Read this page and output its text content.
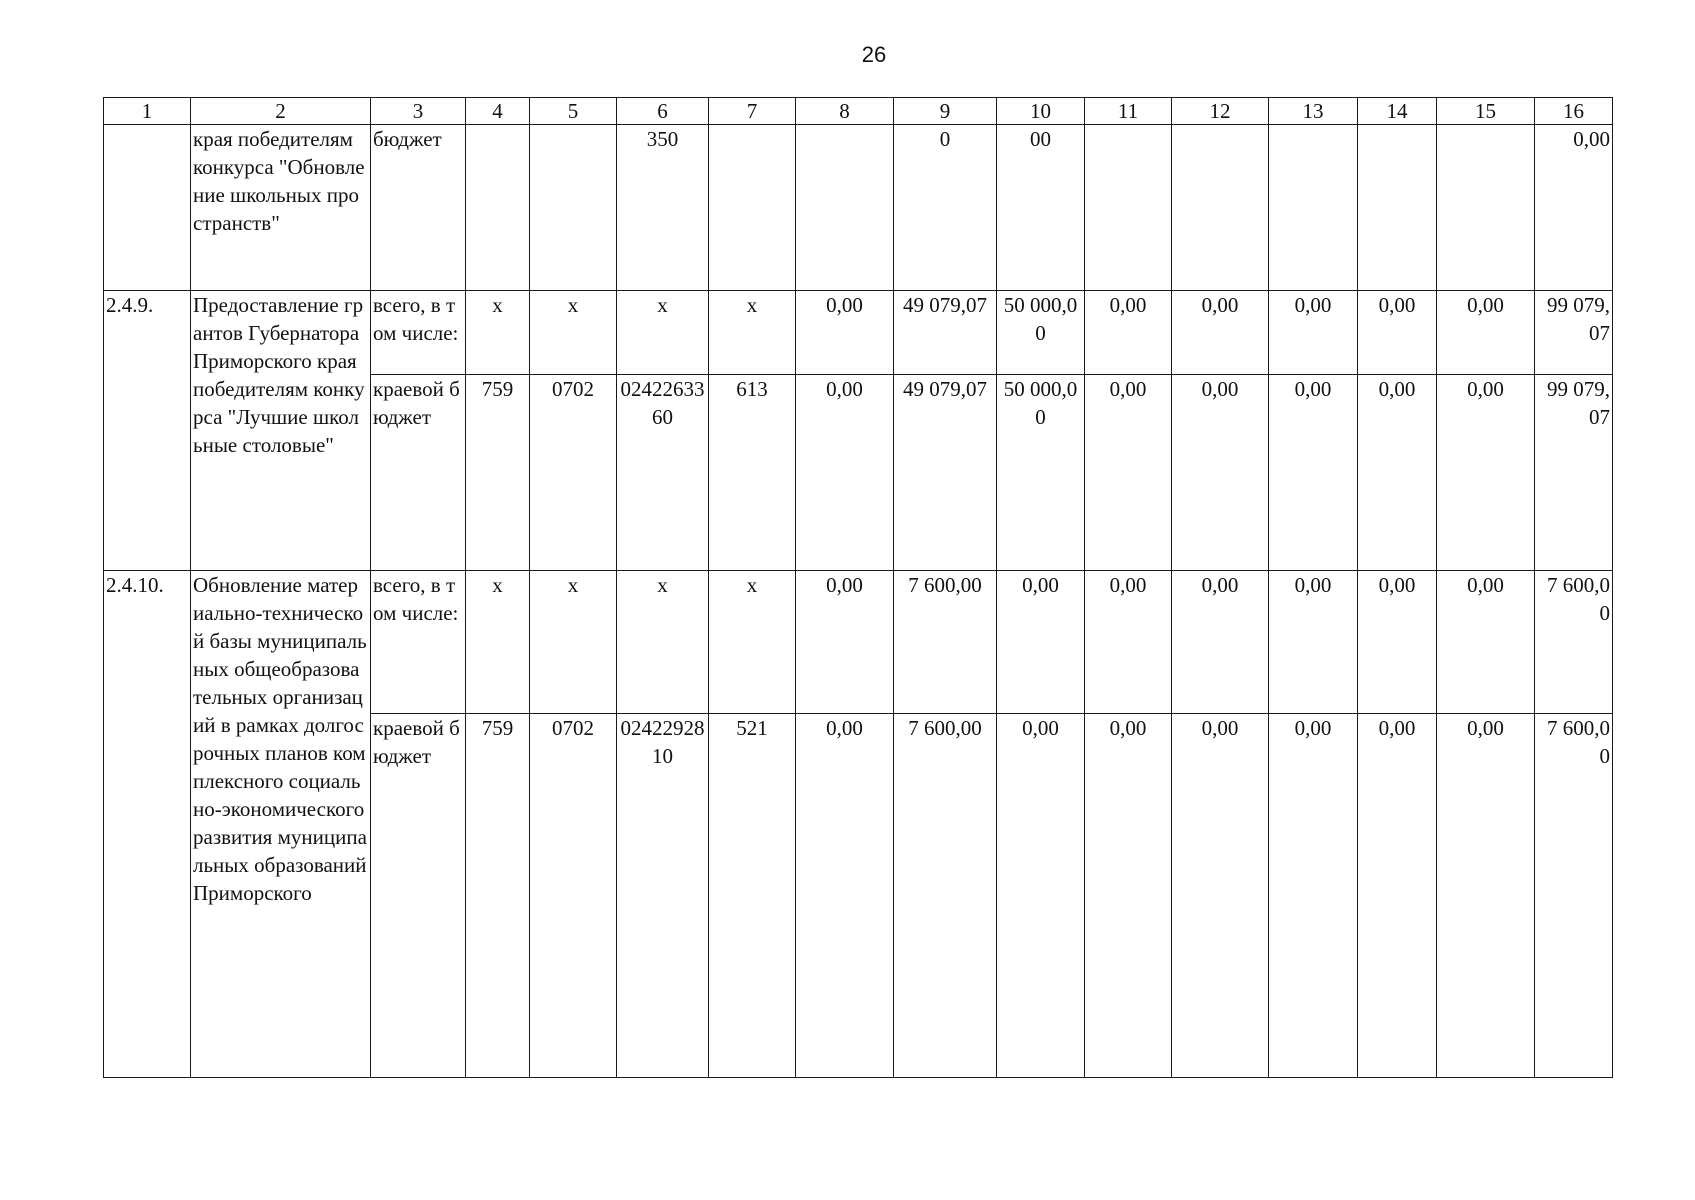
26
1	2	3	4	5	6	7	8	9	10	11	12	13	14	15	16
	края победителям конкурса "Обновление школьных пространств"	бюджет			350			0	00						0,00
2.4.9.	Предоставление грантов Губернатора Приморского края победителям конкурса "Лучшие школьные столовые"	всего, в том числе:	x	x	x	x	0,00	49 079,07	50 000,00	0,00	0,00	0,00	0,00	0,00	99 079,07
		краевой бюджет	759	0702	0242263360	613	0,00	49 079,07	50 000,00	0,00	0,00	0,00	0,00	0,00	99 079,07
2.4.10.	Обновление материально-технической базы муниципальных общеобразовательных организаций в рамках долгосрочных планов комплексного социально-экономического развития муниципальных образований Приморского	всего, в том числе:	x	x	x	x	0,00	7 600,00	0,00	0,00	0,00	0,00	0,00	0,00	7 600,00
		краевой бюджет	759	0702	0242292810	521	0,00	7 600,00	0,00	0,00	0,00	0,00	0,00	0,00	7 600,00
